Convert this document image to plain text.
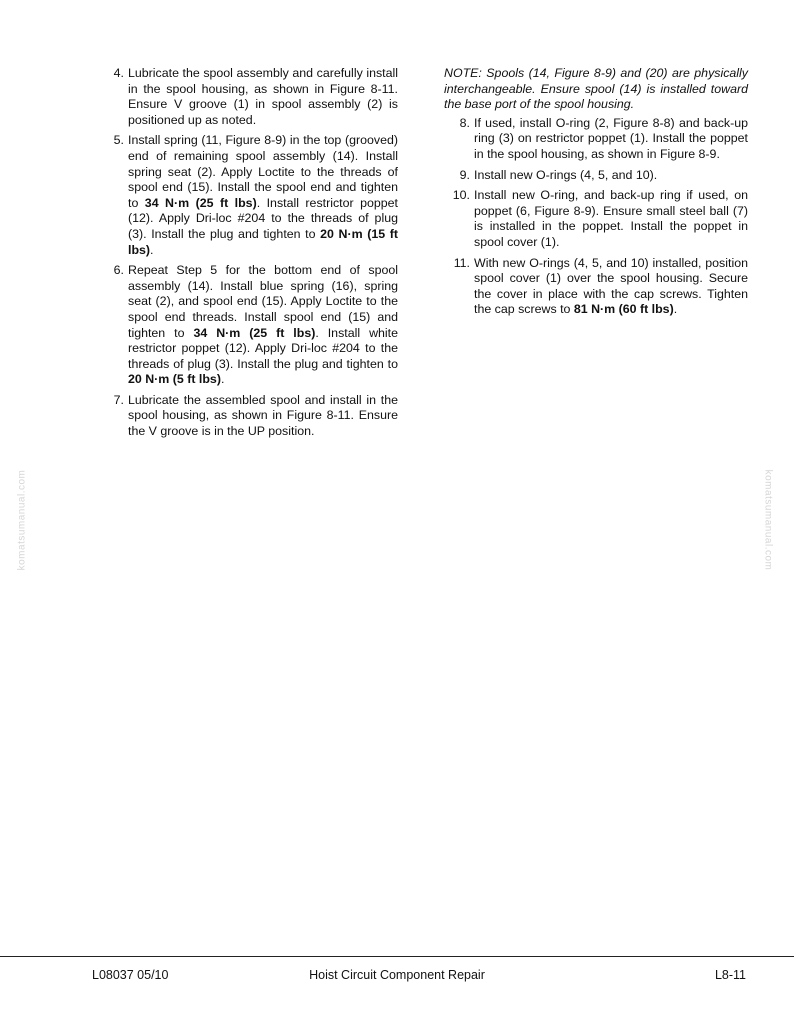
4. Lubricate the spool assembly and carefully install in the spool housing, as shown in Figure 8-11. Ensure V groove (1) in spool assembly (2) is positioned up as noted.
5. Install spring (11, Figure 8-9) in the top (grooved) end of remaining spool assembly (14). Install spring seat (2). Apply Loctite to the threads of spool end (15). Install the spool end and tighten to 34 N·m (25 ft lbs). Install restrictor poppet (12). Apply Dri-loc #204 to the threads of plug (3). Install the plug and tighten to 20 N·m (15 ft lbs).
6. Repeat Step 5 for the bottom end of spool assembly (14). Install blue spring (16), spring seat (2), and spool end (15). Apply Loctite to the spool end threads. Install spool end (15) and tighten to 34 N·m (25 ft lbs). Install white restrictor poppet (12). Apply Dri-loc #204 to the threads of plug (3). Install the plug and tighten to 20 N·m (5 ft lbs).
7. Lubricate the assembled spool and install in the spool housing, as shown in Figure 8-11. Ensure the V groove is in the UP position.
NOTE: Spools (14, Figure 8-9) and (20) are physically interchangeable. Ensure spool (14) is installed toward the base port of the spool housing.
8. If used, install O-ring (2, Figure 8-8) and back-up ring (3) on restrictor poppet (1). Install the poppet in the spool housing, as shown in Figure 8-9.
9. Install new O-rings (4, 5, and 10).
10. Install new O-ring, and back-up ring if used, on poppet (6, Figure 8-9). Ensure small steel ball (7) is installed in the poppet. Install the poppet in spool cover (1).
11. With new O-rings (4, 5, and 10) installed, position spool cover (1) over the spool housing. Secure the cover in place with the cap screws. Tighten the cap screws to 81 N·m (60 ft lbs).
komatsumanual.com	komatsumanual.com
L08037 05/10	Hoist Circuit Component Repair	L8-11
